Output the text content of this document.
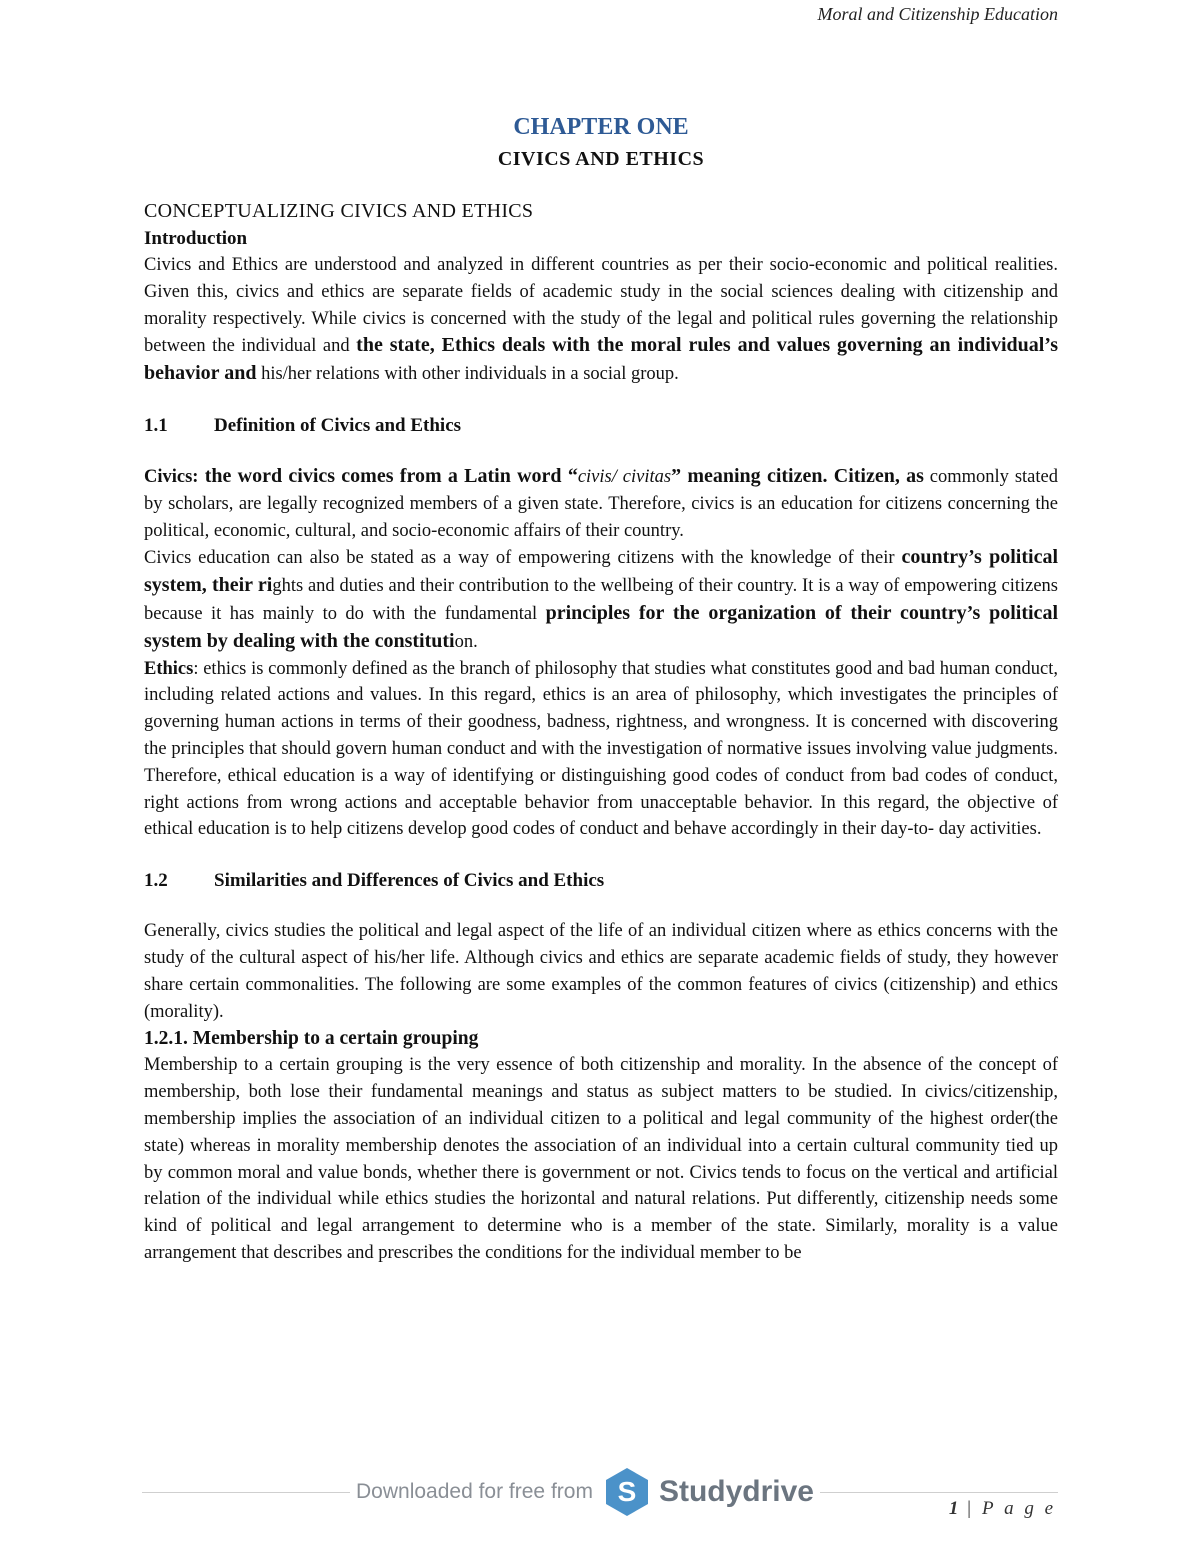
Moral and Citizenship Education
CHAPTER ONE
CIVICS AND ETHICS
CONCEPTUALIZING CIVICS AND ETHICS
Introduction

Civics and Ethics are understood and analyzed in different countries as per their socio-economic and political realities. Given this, civics and ethics are separate fields of academic study in the social sciences dealing with citizenship and morality respectively. While civics is concerned with the study of the legal and political rules governing the relationship between the individual and the state, Ethics deals with the moral rules and values governing an individual’s behavior and his/her relations with other individuals in a social group.

1.1	Definition of Civics and Ethics

Civics: the word civics comes from a Latin word “civis/ civitas” meaning citizen. Citizen, as commonly stated by scholars, are legally recognized members of a given state. Therefore, civics is an education for citizens concerning the political, economic, cultural, and socio-economic affairs of their country.

Civics education can also be stated as a way of empowering citizens with the knowledge of their country’s political system, their rights and duties and their contribution to the wellbeing of their country. It is a way of empowering citizens because it has mainly to do with the fundamental principles for the organization of their country’s political system by dealing with the constitution.

Ethics: ethics is commonly defined as the branch of philosophy that studies what constitutes good and bad human conduct, including related actions and values. In this regard, ethics is an area of philosophy, which investigates the principles of governing human actions in terms of their goodness, badness, rightness, and wrongness. It is concerned with discovering the principles that should govern human conduct and with the investigation of normative issues involving value judgments. Therefore, ethical education is a way of identifying or distinguishing good codes of conduct from bad codes of conduct, right actions from wrong actions and acceptable behavior from unacceptable behavior. In this regard, the objective of ethical education is to help citizens develop good codes of conduct and behave accordingly in their day-to- day activities.

1.2	Similarities and Differences of Civics and Ethics

Generally, civics studies the political and legal aspect of the life of an individual citizen where as ethics concerns with the study of the cultural aspect of his/her life. Although civics and ethics are separate academic fields of study, they however share certain commonalities. The following are some examples of the common features of civics (citizenship) and ethics (morality).

1.2.1. Membership to a certain grouping

Membership to a certain grouping is the very essence of both citizenship and morality. In the absence of the concept of membership, both lose their fundamental meanings and status as subject matters to be studied. In civics/citizenship, membership implies the association of an individual citizen to a political and legal community of the highest order(the state) whereas in morality membership denotes the association of an individual into a certain cultural community tied up by common moral and value bonds, whether there is government or not. Civics tends to focus on the vertical and artificial relation of the individual while ethics studies the horizontal and natural relations. Put differently, citizenship needs some kind of political and legal arrangement to determine who is a member of the state. Similarly, morality is a value arrangement that describes and prescribes the conditions for the individual member to be

Downloaded for free from S Studydrive
1 | P a g e
